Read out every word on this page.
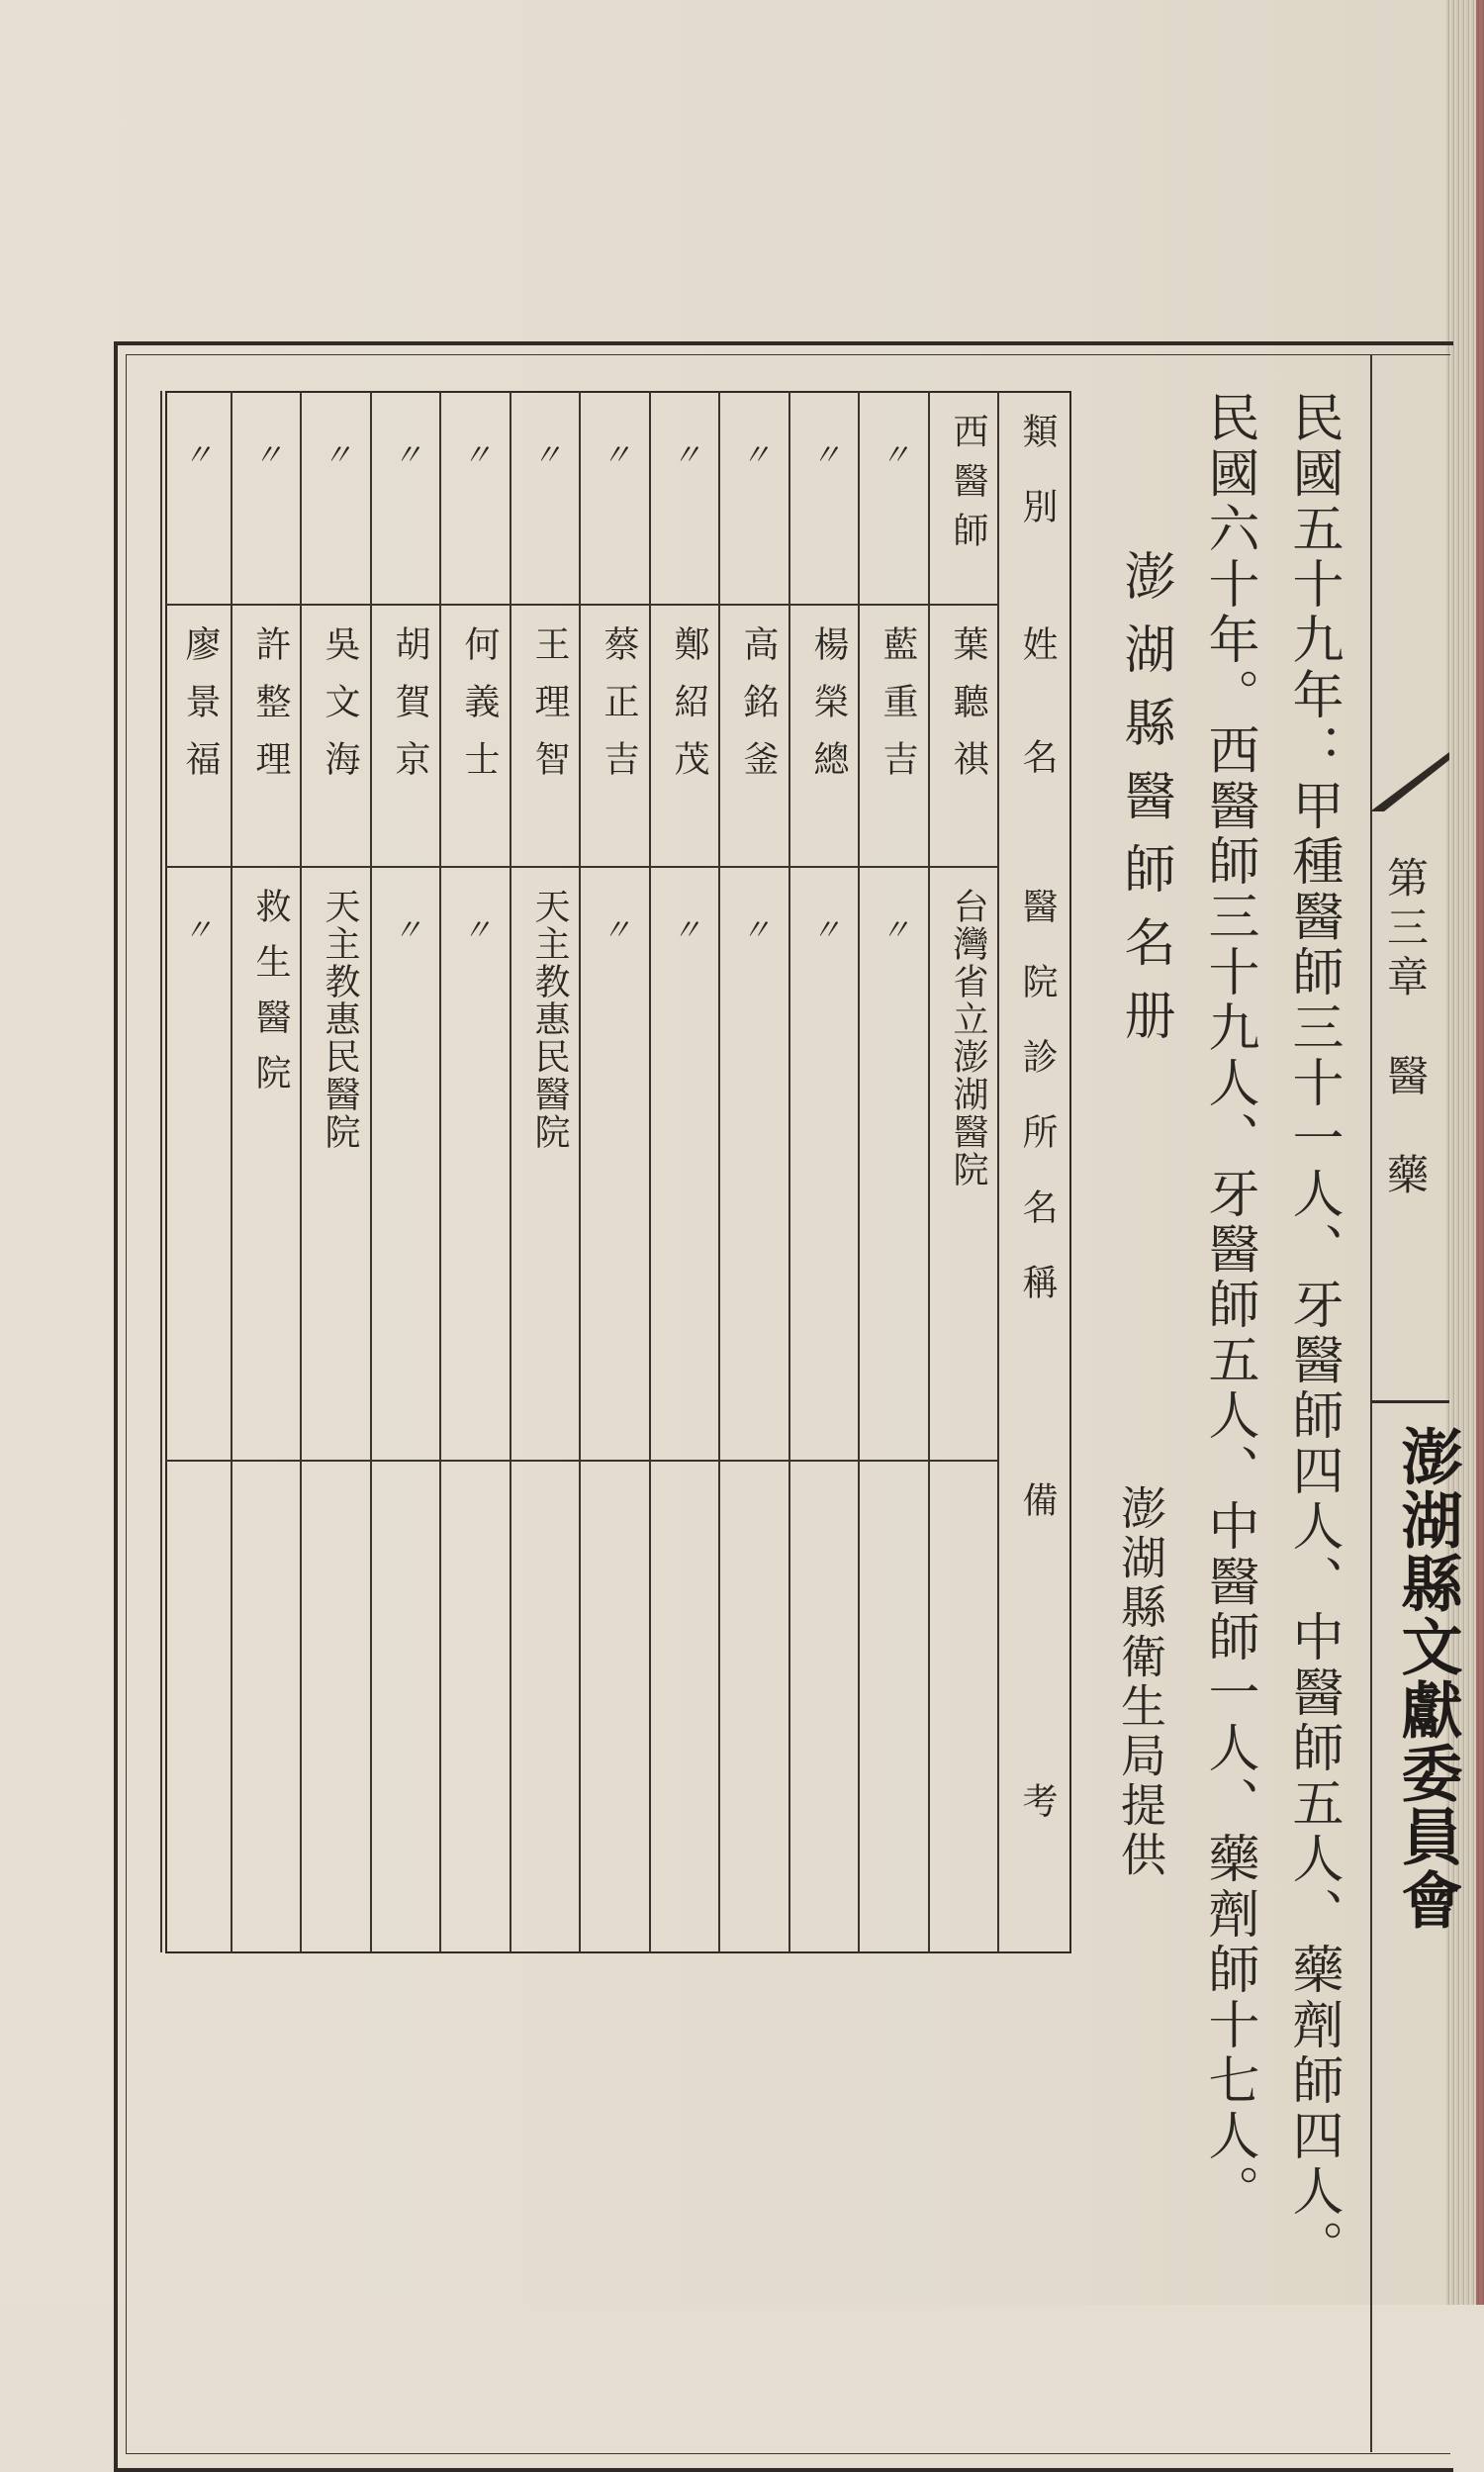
第三章　醫　藥
澎湖縣文獻委員會
民國五十九年：甲種醫師三十一人、牙醫師四人、中醫師五人、藥劑師四人。
民國六十年。西醫師三十九人、牙醫師五人、中醫師一人、藥劑師十七人。
澎湖縣醫師名册
澎湖縣衛生局提供
類　別
姓　　名
醫　院　診　所　名　稱
備　　　　　　　考
西醫師
葉聽祺
台灣省立澎湖醫院
〃
藍重吉
〃
〃
楊榮總
〃
〃
高銘釜
〃
〃
鄭紹茂
〃
〃
蔡正吉
〃
〃
王理智
天主教惠民醫院
〃
何義士
〃
〃
胡賀京
〃
〃
吳文海
天主教惠民醫院
〃
許整理
救生醫院
〃
廖景福
〃
